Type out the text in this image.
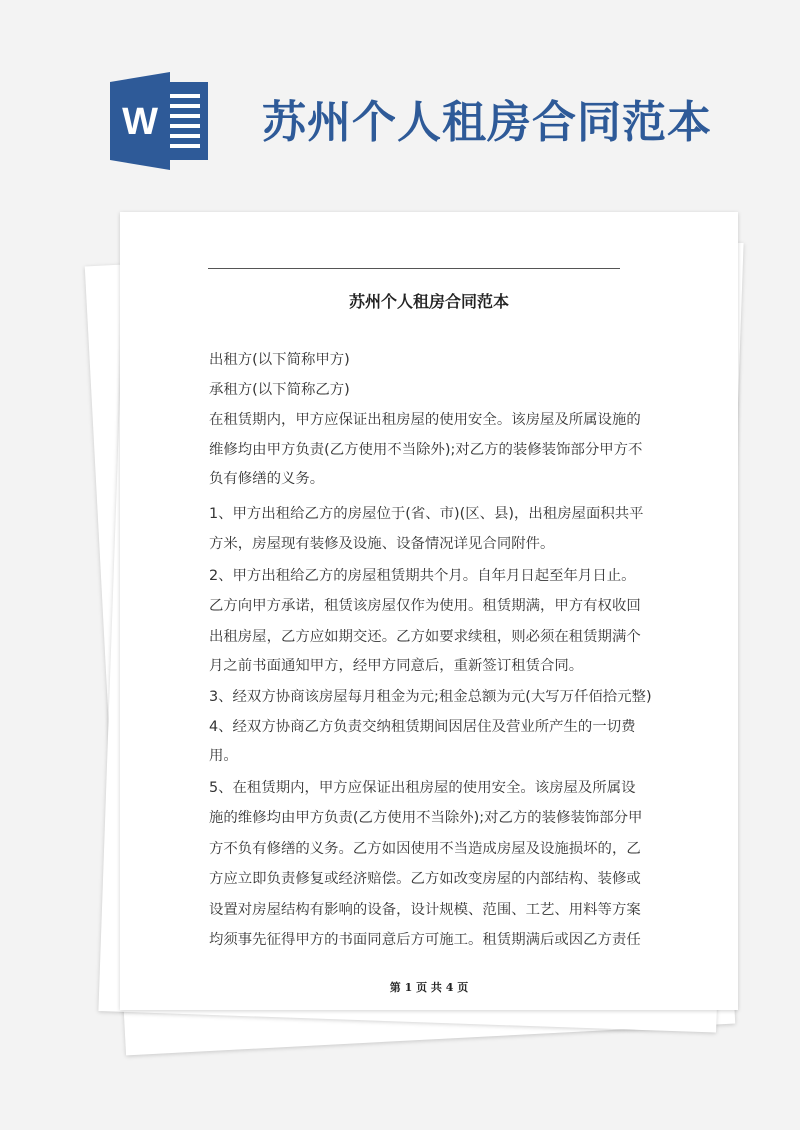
W 苏州个人租房合同范本
苏州个人租房合同范本
出租方(以下简称甲方)
承租方(以下简称乙方)
在租赁期内，甲方应保证出租房屋的使用安全。该房屋及所属设施的
维修均由甲方负责(乙方使用不当除外);对乙方的装修装饰部分甲方不
负有修缮的义务。
1、甲方出租给乙方的房屋位于(省、市)(区、县)，出租房屋面积共平
方米，房屋现有装修及设施、设备情况详见合同附件。
2、甲方出租给乙方的房屋租赁期共个月。自年月日起至年月日止。
乙方向甲方承诺，租赁该房屋仅作为使用。租赁期满，甲方有权收回
出租房屋，乙方应如期交还。乙方如要求续租，则必须在租赁期满个
月之前书面通知甲方，经甲方同意后，重新签订租赁合同。
3、经双方协商该房屋每月租金为元;租金总额为元(大写万仟佰拾元整)
4、经双方协商乙方负责交纳租赁期间因居住及营业所产生的一切费
用。
5、在租赁期内，甲方应保证出租房屋的使用安全。该房屋及所属设
施的维修均由甲方负责(乙方使用不当除外);对乙方的装修装饰部分甲
方不负有修缮的义务。乙方如因使用不当造成房屋及设施损坏的，乙
方应立即负责修复或经济赔偿。乙方如改变房屋的内部结构、装修或
设置对房屋结构有影响的设备，设计规模、范围、工艺、用料等方案
均须事先征得甲方的书面同意后方可施工。租赁期满后或因乙方责任
第 1 页 共 4 页
